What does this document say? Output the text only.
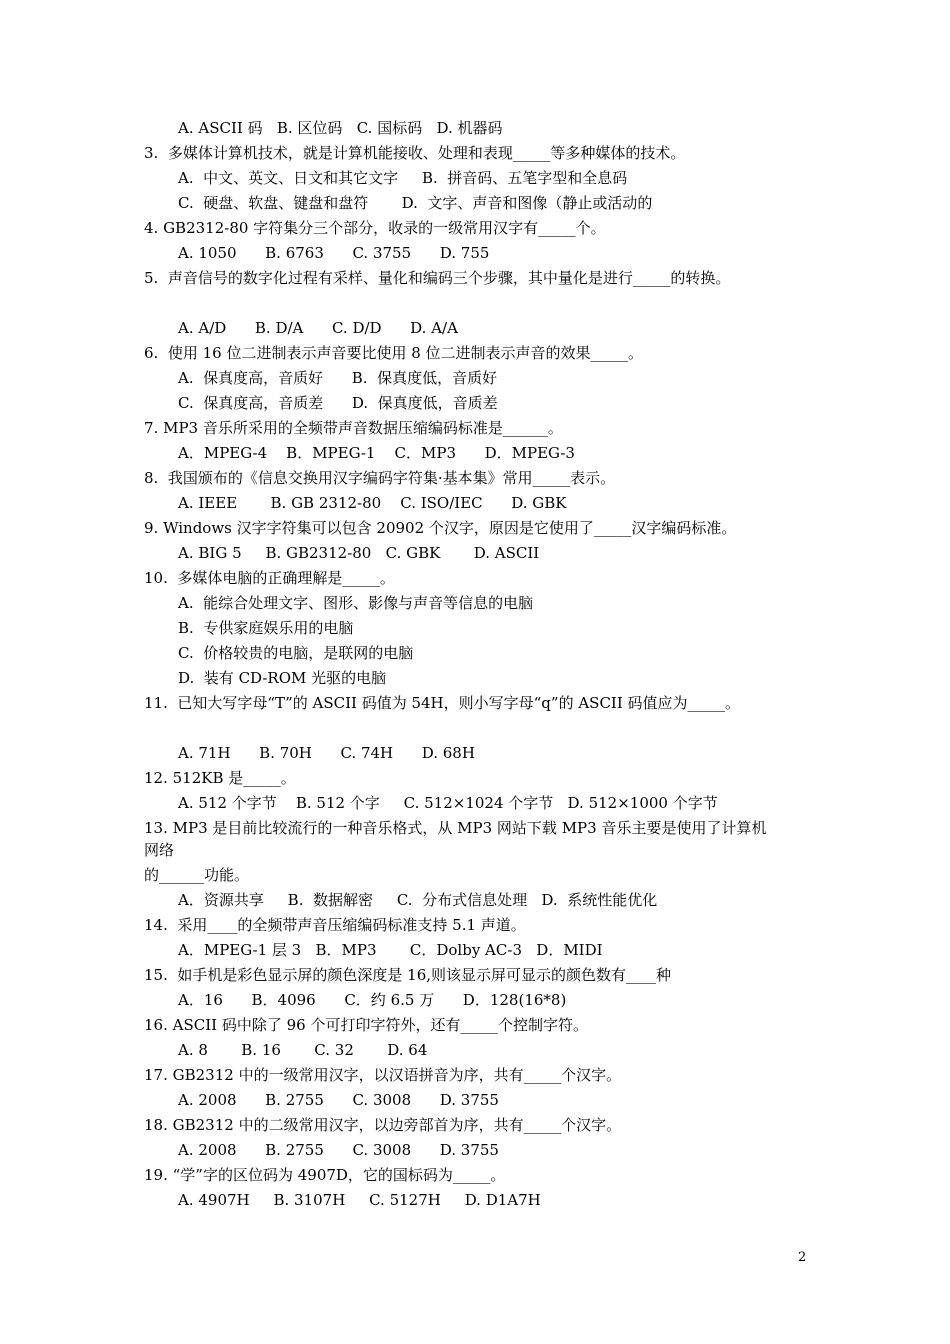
A. ASCII 码   B. 区位码   C. 国标码   D. 机器码
3.  多媒体计算机技术，就是计算机能接收、处理和表现_____等多种媒体的技术。
A.  中文、英文、日文和其它文字     B.  拼音码、五笔字型和全息码
C.  硬盘、软盘、键盘和盘符       D.  文字、声音和图像（静止或活动的
4. GB2312-80 字符集分三个部分，收录的一级常用汉字有_____个。
A. 1050      B. 6763      C. 3755      D. 755
5.  声音信号的数字化过程有采样、量化和编码三个步骤，其中量化是进行_____的转换。
A. A/D      B. D/A      C. D/D      D. A/A
6.  使用 16 位二进制表示声音要比使用 8 位二进制表示声音的效果_____。
A.  保真度高，音质好      B.  保真度低，音质好
C.  保真度高，音质差      D.  保真度低，音质差
7. MP3 音乐所采用的全频带声音数据压缩编码标准是______。
A．MPEG-4    B．MPEG-1    C．MP3      D．MPEG-3
8.  我国颁布的《信息交换用汉字编码字符集·基本集》常用_____表示。
A. IEEE       B. GB 2312-80    C. ISO/IEC      D. GBK
9. Windows 汉字字符集可以包含 20902 个汉字，原因是它使用了_____汉字编码标准。
A. BIG 5     B. GB2312-80   C. GBK       D. ASCII
10.  多媒体电脑的正确理解是_____。
A.  能综合处理文字、图形、影像与声音等信息的电脑
B.  专供家庭娱乐用的电脑
C.  价格较贵的电脑，是联网的电脑
D.  装有 CD-ROM 光驱的电脑
11.  已知大写字母“T”的 ASCII 码值为 54H，则小写字母“q”的 ASCII 码值应为_____。
A. 71H      B. 70H      C. 74H      D. 68H
12. 512KB 是_____。
A. 512 个字节    B. 512 个字     C. 512×1024 个字节   D. 512×1000 个字节
13. MP3 是目前比较流行的一种音乐格式，从 MP3 网站下载 MP3 音乐主要是使用了计算机
网络
的______功能。
A．资源共享     B.  数据解密     C.  分布式信息处理   D.  系统性能优化
14.  采用____的全频带声音压缩编码标准支持 5.1 声道。
A．MPEG-1 层 3   B．MP3       C．Dolby AC-3   D．MIDI
15.  如手机是彩色显示屏的颜色深度是 16,则该显示屏可显示的颜色数有____种
A．16      B．4096      C．约 6.5 万      D．128(16*8)
16. ASCII 码中除了 96 个可打印字符外，还有_____个控制字符。
A. 8       B. 16       C. 32       D. 64
17. GB2312 中的一级常用汉字，以汉语拼音为序，共有_____个汉字。
A. 2008      B. 2755      C. 3008      D. 3755
18. GB2312 中的二级常用汉字，以边旁部首为序，共有_____个汉字。
A. 2008      B. 2755      C. 3008      D. 3755
19. “学”字的区位码为 4907D，它的国标码为_____。
A. 4907H     B. 3107H     C. 5127H     D. D1A7H
2
